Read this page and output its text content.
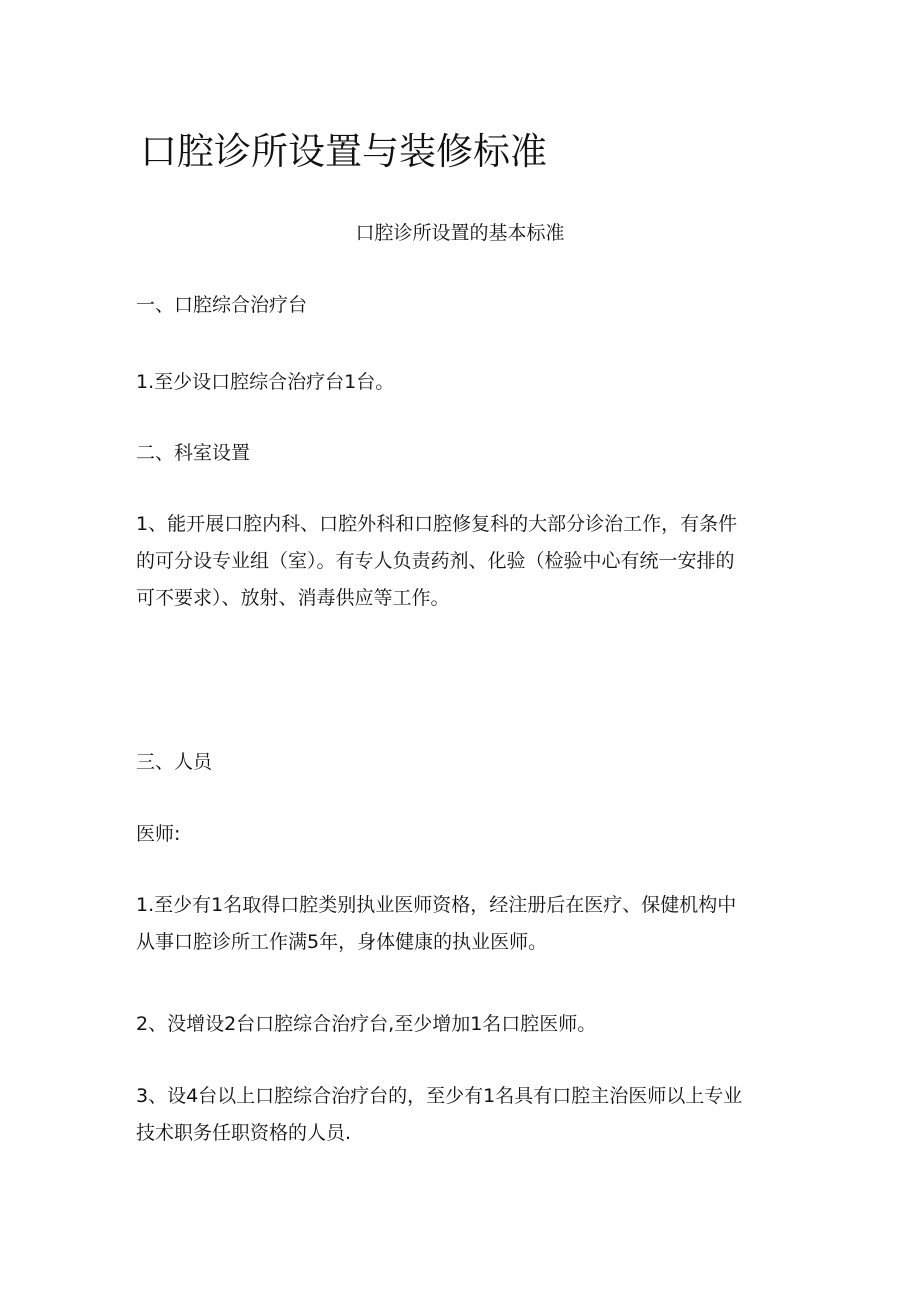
口腔诊所设置与装修标准

口腔诊所设置的基本标准

一、口腔综合治疗台

1.至少设口腔综合治疗台1台。

二、科室设置

1、能开展口腔内科、口腔外科和口腔修复科的大部分诊治工作，有条件
的可分设专业组（室）。有专人负责药剂、化验（检验中心有统一安排的
可不要求）、放射、消毒供应等工作。

三、人员

医师:

1.至少有1名取得口腔类别执业医师资格，经注册后在医疗、保健机构中
从事口腔诊所工作满5年，身体健康的执业医师。

2、没增设2台口腔综合治疗台,至少增加1名口腔医师。

3、设4台以上口腔综合治疗台的，至少有1名具有口腔主治医师以上专业
技术职务任职资格的人员.
